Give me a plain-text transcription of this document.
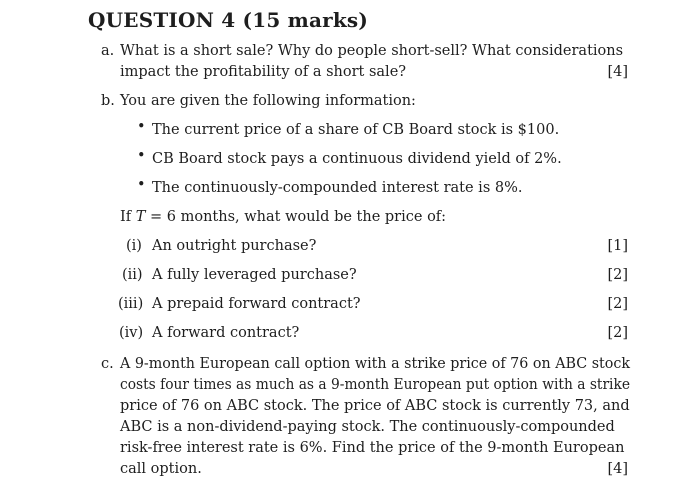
QUESTION 4 (15 marks)
a. What is a short sale? Why do people short-sell? What considerations
impact the profitability of a short sale?	[4]
b. You are given the following information:
• The current price of a share of CB Board stock is $100.
• CB Board stock pays a continuous dividend yield of 2%.
• The continuously-compounded interest rate is 8%.
If T = 6 months, what would be the price of:
(i) An outright purchase?	[1]
(ii) A fully leveraged purchase?	[2]
(iii) A prepaid forward contract?	[2]
(iv) A forward contract?	[2]
c. A 9-month European call option with a strike price of 76 on ABC stock
costs four times as much as a 9-month European put option with a strike
price of 76 on ABC stock. The price of ABC stock is currently 73, and
ABC is a non-dividend-paying stock. The continuously-compounded
risk-free interest rate is 6%. Find the price of the 9-month European
call option.	[4]
